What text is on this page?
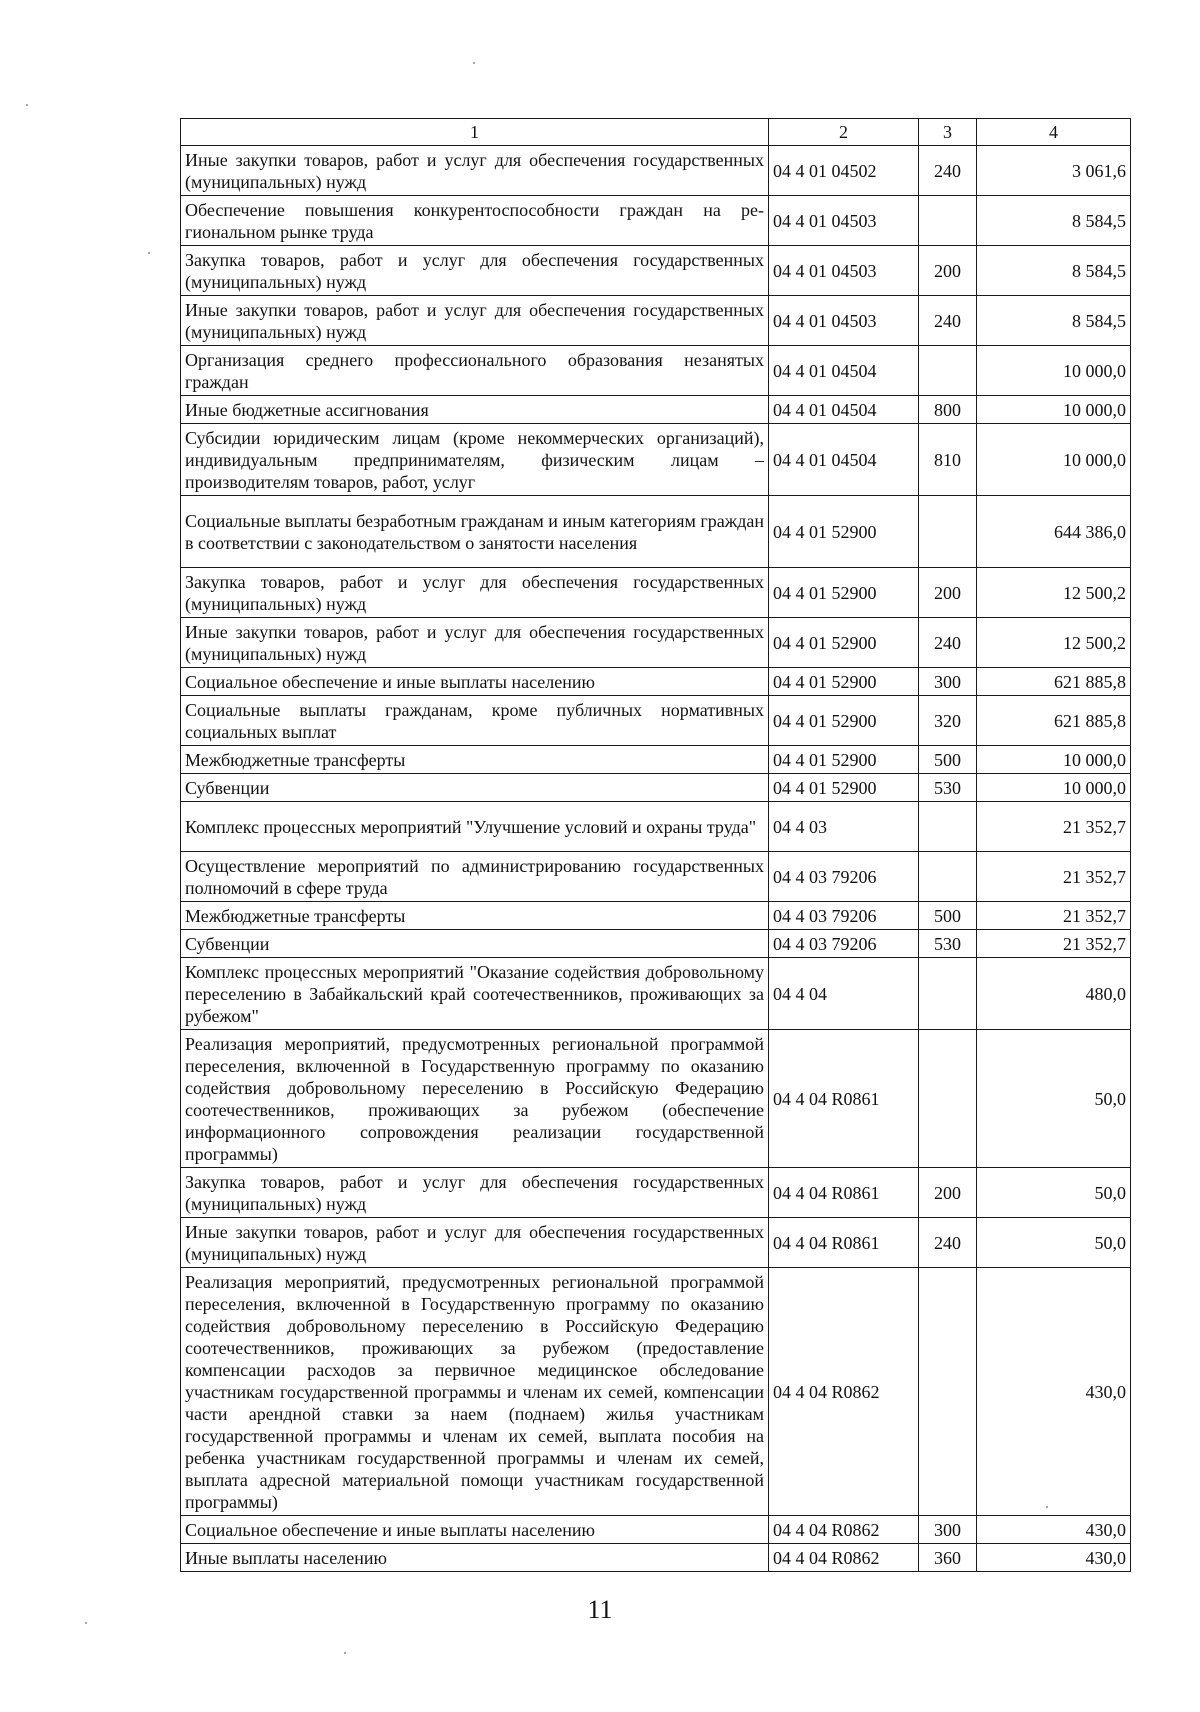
1	2	3	4
Иные закупки товаров, работ и услуг для обеспечения государственных (муниципальных) нужд	04 4 01 04502	240	3 061,6
Обеспечение повышения конкурентоспособности граждан на региональном рынке труда	04 4 01 04503		8 584,5
Закупка товаров, работ и услуг для обеспечения государственных (муниципальных) нужд	04 4 01 04503	200	8 584,5
Иные закупки товаров, работ и услуг для обеспечения государственных (муниципальных) нужд	04 4 01 04503	240	8 584,5
Организация среднего профессионального образования незанятых граждан	04 4 01 04504		10 000,0
Иные бюджетные ассигнования	04 4 01 04504	800	10 000,0
Субсидии юридическим лицам (кроме некоммерческих организаций), индивидуальным предпринимателям, физическим лицам – производителям товаров, работ, услуг	04 4 01 04504	810	10 000,0
Социальные выплаты безработным гражданам и иным категориям граждан в соответствии с законодательством о занятости населения	04 4 01 52900		644 386,0
Закупка товаров, работ и услуг для обеспечения государственных (муниципальных) нужд	04 4 01 52900	200	12 500,2
Иные закупки товаров, работ и услуг для обеспечения государственных (муниципальных) нужд	04 4 01 52900	240	12 500,2
Социальное обеспечение и иные выплаты населению	04 4 01 52900	300	621 885,8
Социальные выплаты гражданам, кроме публичных нормативных социальных выплат	04 4 01 52900	320	621 885,8
Межбюджетные трансферты	04 4 01 52900	500	10 000,0
Субвенции	04 4 01 52900	530	10 000,0
Комплекс процессных мероприятий "Улучшение условий и охраны труда"	04 4 03		21 352,7
Осуществление мероприятий по администрированию государственных полномочий в сфере труда	04 4 03 79206		21 352,7
Межбюджетные трансферты	04 4 03 79206	500	21 352,7
Субвенции	04 4 03 79206	530	21 352,7
Комплекс процессных мероприятий "Оказание содействия добровольному переселению в Забайкальский край соотечественников, проживающих за рубежом"	04 4 04		480,0
Реализация мероприятий, предусмотренных региональной программой переселения, включенной в Государственную программу по оказанию содействия добровольному переселению в Российскую Федерацию соотечественников, проживающих за рубежом (обеспечение информационного сопровождения реализации государственной программы)	04 4 04 R0861		50,0
Закупка товаров, работ и услуг для обеспечения государственных (муниципальных) нужд	04 4 04 R0861	200	50,0
Иные закупки товаров, работ и услуг для обеспечения государственных (муниципальных) нужд	04 4 04 R0861	240	50,0
Реализация мероприятий, предусмотренных региональной программой переселения, включенной в Государственную программу по оказанию содействия добровольному переселению в Российскую Федерацию соотечественников, проживающих за рубежом (предоставление компенсации расходов за первичное медицинское обследование участникам государственной программы и членам их семей, компенсации части арендной ставки за наем (поднаем) жилья участникам государственной программы и членам их семей, выплата пособия на ребенка участникам государственной программы и членам их семей, выплата адресной материальной помощи участникам государственной программы)	04 4 04 R0862		430,0
Социальное обеспечение и иные выплаты населению	04 4 04 R0862	300	430,0
Иные выплаты населению	04 4 04 R0862	360	430,0
11
